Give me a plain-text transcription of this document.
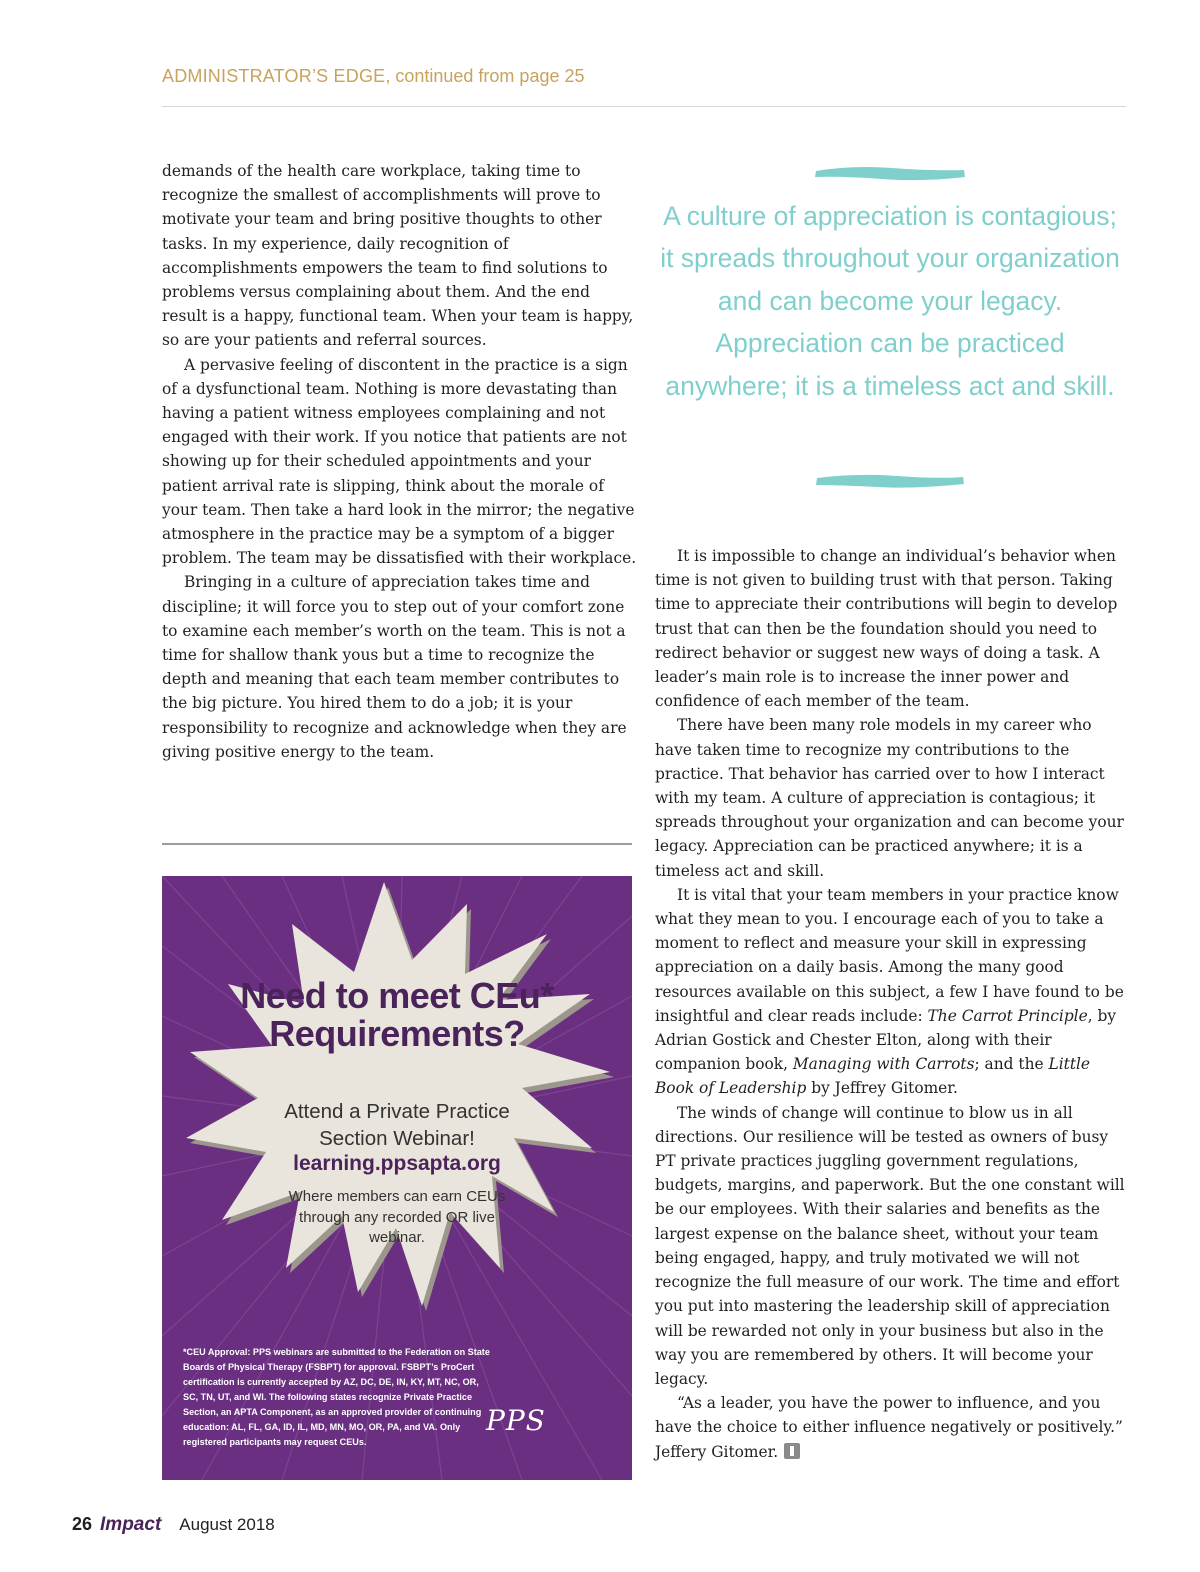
ADMINISTRATOR’S EDGE, continued from page 25

demands of the health care workplace, taking time to recognize the smallest of accomplishments will prove to motivate your team and bring positive thoughts to other tasks. In my experience, daily recognition of accomplishments empowers the team to find solutions to problems versus complaining about them. And the end result is a happy, functional team. When your team is happy, so are your patients and referral sources.

A pervasive feeling of discontent in the practice is a sign of a dysfunctional team. Nothing is more devastating than having a patient witness employees complaining and not engaged with their work. If you notice that patients are not showing up for their scheduled appointments and your patient arrival rate is slipping, think about the morale of your team. Then take a hard look in the mirror; the negative atmosphere in the practice may be a symptom of a bigger problem. The team may be dissatisfied with their workplace.

Bringing in a culture of appreciation takes time and discipline; it will force you to step out of your comfort zone to examine each member’s worth on the team. This is not a time for shallow thank yous but a time to recognize the depth and meaning that each team member contributes to the big picture. You hired them to do a job; it is your responsibility to recognize and acknowledge when they are giving positive energy to the team.

A culture of appreciation is contagious; it spreads throughout your organization and can become your legacy. Appreciation can be practiced anywhere; it is a timeless act and skill.

It is impossible to change an individual’s behavior when time is not given to building trust with that person. Taking time to appreciate their contributions will begin to develop trust that can then be the foundation should you need to redirect behavior or suggest new ways of doing a task. A leader’s main role is to increase the inner power and confidence of each member of the team.

There have been many role models in my career who have taken time to recognize my contributions to the practice. That behavior has carried over to how I interact with my team. A culture of appreciation is contagious; it spreads throughout your organization and can become your legacy. Appreciation can be practiced anywhere; it is a timeless act and skill.

It is vital that your team members in your practice know what they mean to you. I encourage each of you to take a moment to reflect and measure your skill in expressing appreciation on a daily basis. Among the many good resources available on this subject, a few I have found to be insightful and clear reads include: The Carrot Principle, by Adrian Gostick and Chester Elton, along with their companion book, Managing with Carrots; and the Little Book of Leadership by Jeffrey Gitomer.

The winds of change will continue to blow us in all directions. Our resilience will be tested as owners of busy PT private practices juggling government regulations, budgets, margins, and paperwork. But the one constant will be our employees. With their salaries and benefits as the largest expense on the balance sheet, without your team being engaged, happy, and truly motivated we will not recognize the full measure of our work. The time and effort you put into mastering the leadership skill of appreciation will be rewarded not only in your business but also in the way you are remembered by others. It will become your legacy.

“As a leader, you have the power to influence, and you have the choice to either influence negatively or positively.” Jeffery Gitomer.

Need to meet CEu* Requirements?
Attend a Private Practice Section Webinar!
learning.ppsapta.org
Where members can earn CEUs through any recorded OR live webinar.
*CEU Approval: PPS webinars are submitted to the Federation on State Boards of Physical Therapy (FSBPT) for approval. FSBPT’s ProCert certification is currently accepted by AZ, DC, DE, IN, KY, MT, NC, OR, SC, TN, UT, and WI. The following states recognize Private Practice Section, an APTA Component, as an approved provider of continuing education: AL, FL, GA, ID, IL, MD, MN, MO, OR, PA, and VA. Only registered participants may request CEUs.
PPS
26 Impact August 2018
